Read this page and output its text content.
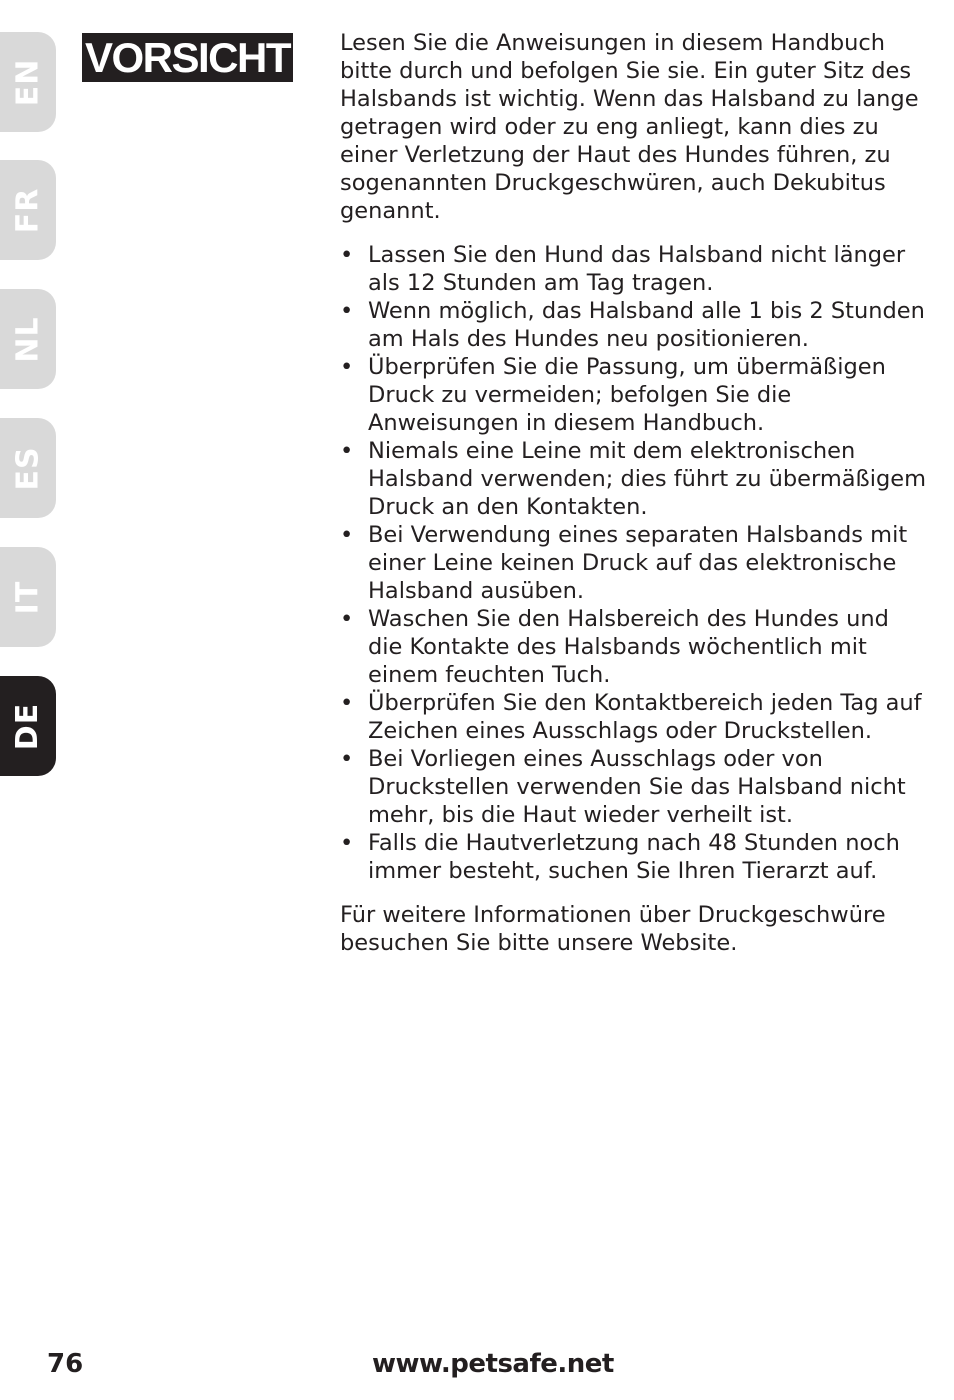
EN
FR
NL
ES
IT
DE
VORSICHT Lesen Sie die Anweisungen in diesem Handbuch bitte durch und befolgen Sie sie. Ein guter Sitz des Halsbands ist wichtig. Wenn das Halsband zu lange getragen wird oder zu eng anliegt, kann dies zu einer Verletzung der Haut des Hundes führen, zu sogenannten Druckgeschwüren, auch Dekubitus genannt.

• Lassen Sie den Hund das Halsband nicht länger als 12 Stunden am Tag tragen.
• Wenn möglich, das Halsband alle 1 bis 2 Stunden am Hals des Hundes neu positionieren.
• Überprüfen Sie die Passung, um übermäßigen Druck zu vermeiden; befolgen Sie die Anweisungen in diesem Handbuch.
• Niemals eine Leine mit dem elektronischen Halsband verwenden; dies führt zu übermäßigem Druck an den Kontakten.
• Bei Verwendung eines separaten Halsbands mit einer Leine keinen Druck auf das elektronische Halsband ausüben.
• Waschen Sie den Halsbereich des Hundes und die Kontakte des Halsbands wöchentlich mit einem feuchten Tuch.
• Überprüfen Sie den Kontaktbereich jeden Tag auf Zeichen eines Ausschlags oder Druckstellen.
• Bei Vorliegen eines Ausschlags oder von Druckstellen verwenden Sie das Halsband nicht mehr, bis die Haut wieder verheilt ist.
• Falls die Hautverletzung nach 48 Stunden noch immer besteht, suchen Sie Ihren Tierarzt auf.

Für weitere Informationen über Druckgeschwüre besuchen Sie bitte unsere Website.

76	www.petsafe.net
